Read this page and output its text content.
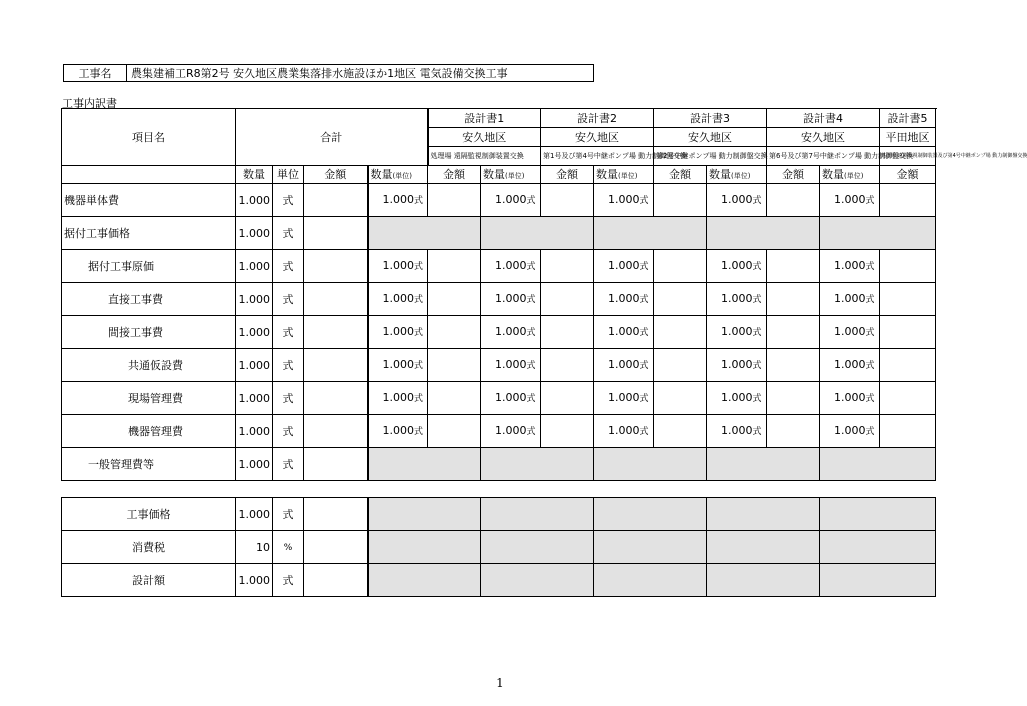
工事名	農集建補工R8第2号 安久地区農業集落排水施設ほか1地区 電気設備交換工事
工事内訳書
項目名	合計				設計書1		設計書2		設計書3		設計書4		設計書5
					安久地区		安久地区		安久地区		安久地区		平田地区
					処理場 遠隔監視制御装置交換		第1号及び第4号中継ポンプ場 動力制御盤交換		第2号中継ポンプ場 動力制御盤交換		第6号及び第7号中継ポンプ場 動力制御盤交換		処理場 遠隔監視制御装置及び第4号中継ポンプ場 動力制御盤交換
	数量	単位	金額	数量(単位)	金額	数量(単位)	金額	数量(単位)	金額	数量(単位)	金額	数量(単位)	金額
機器単体費	1.000	式		1.000式		1.000式		1.000式		1.000式		1.000式	
据付工事価格	1.000	式											
据付工事原価	1.000	式		1.000式		1.000式		1.000式		1.000式		1.000式	
直接工事費	1.000	式		1.000式		1.000式		1.000式		1.000式		1.000式	
間接工事費	1.000	式		1.000式		1.000式		1.000式		1.000式		1.000式	
共通仮設費	1.000	式		1.000式		1.000式		1.000式		1.000式		1.000式	
現場管理費	1.000	式		1.000式		1.000式		1.000式		1.000式		1.000式	
機器管理費	1.000	式		1.000式		1.000式		1.000式		1.000式		1.000式	
一般管理費等	1.000	式											
工事価格	1.000	式						
消費税	10	%						
設計額	1.000	式						
1
